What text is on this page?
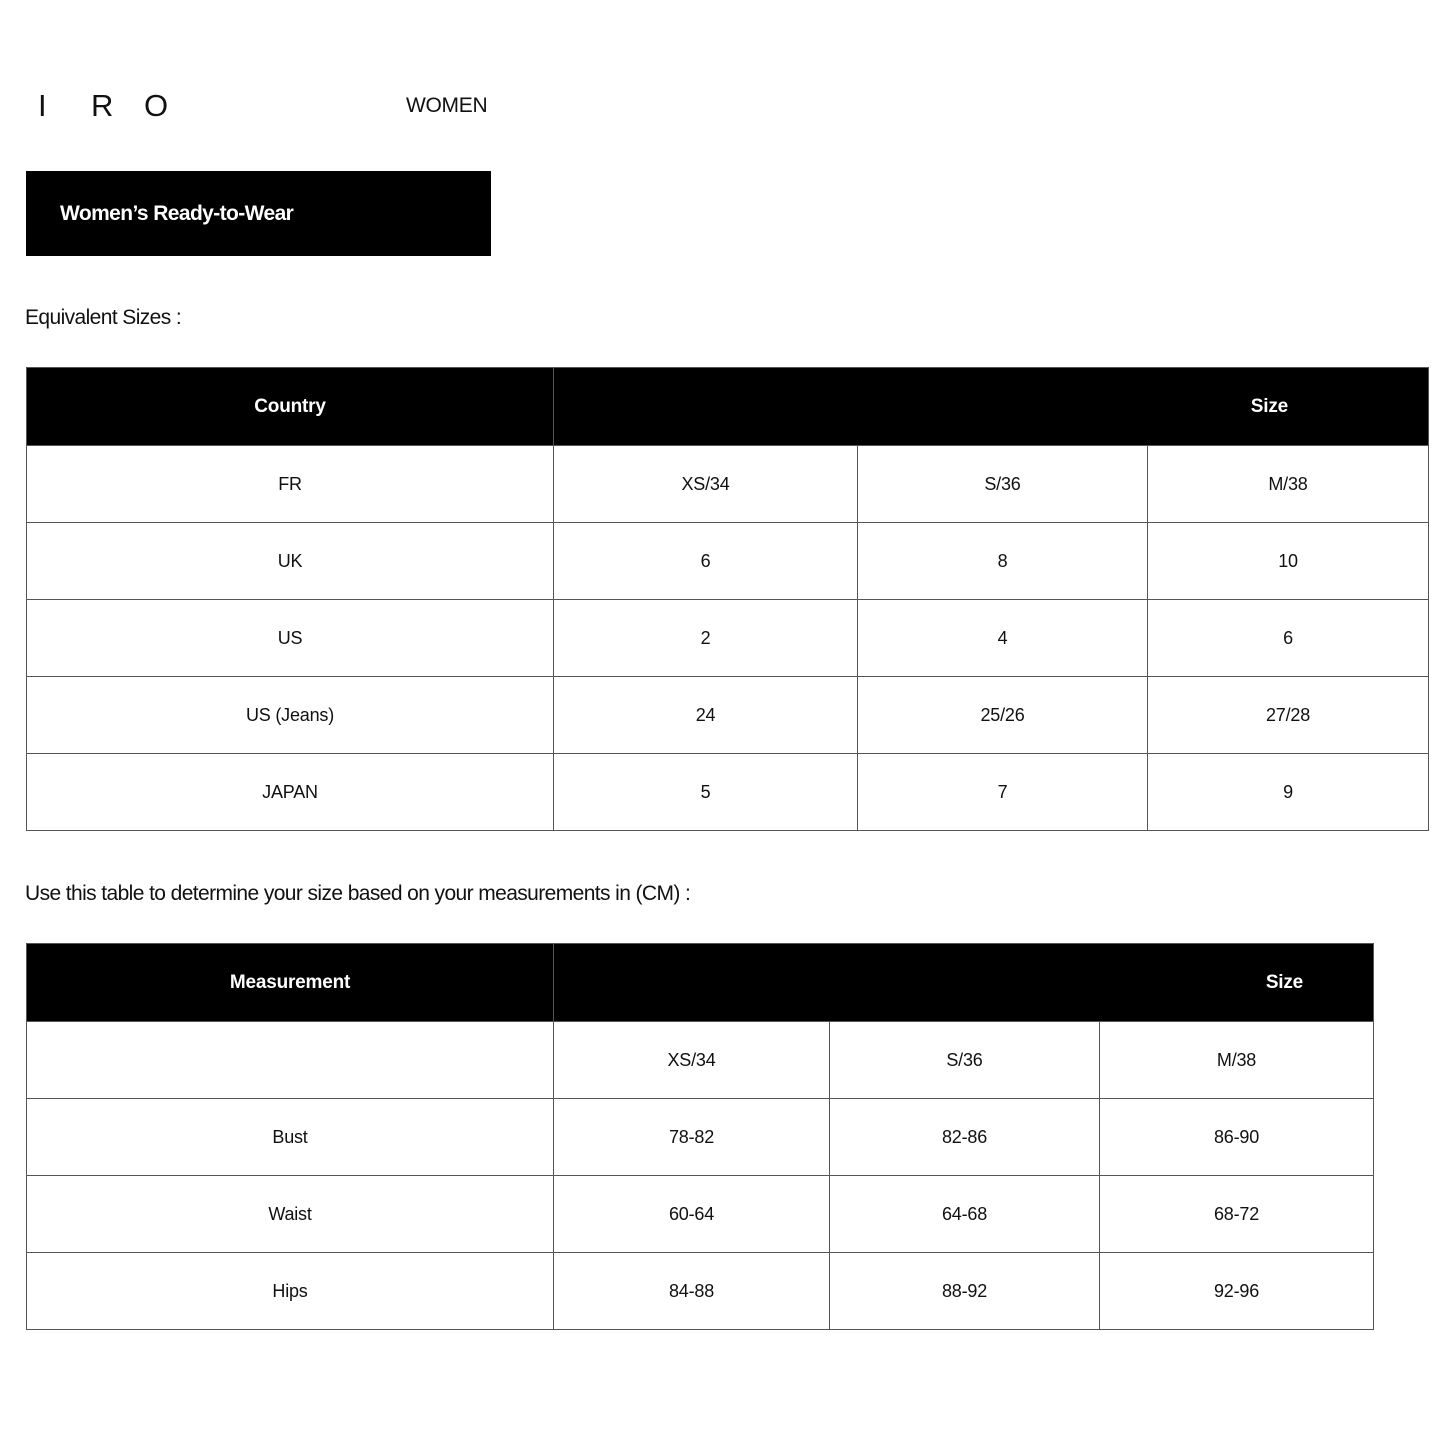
I R O	WOMEN
Women’s Ready-to-Wear
Equivalent Sizes :
Country	Size		
FR	XS/34	S/36	M/38
UK	6	8	10
US	2	4	6
US (Jeans)	24	25/26	27/28
JAPAN	5	7	9
Use this table to determine your size based on your measurements in (CM) :
Measurement	Size		
	XS/34	S/36	M/38
Bust	78-82	82-86	86-90
Waist	60-64	64-68	68-72
Hips	84-88	88-92	92-96
